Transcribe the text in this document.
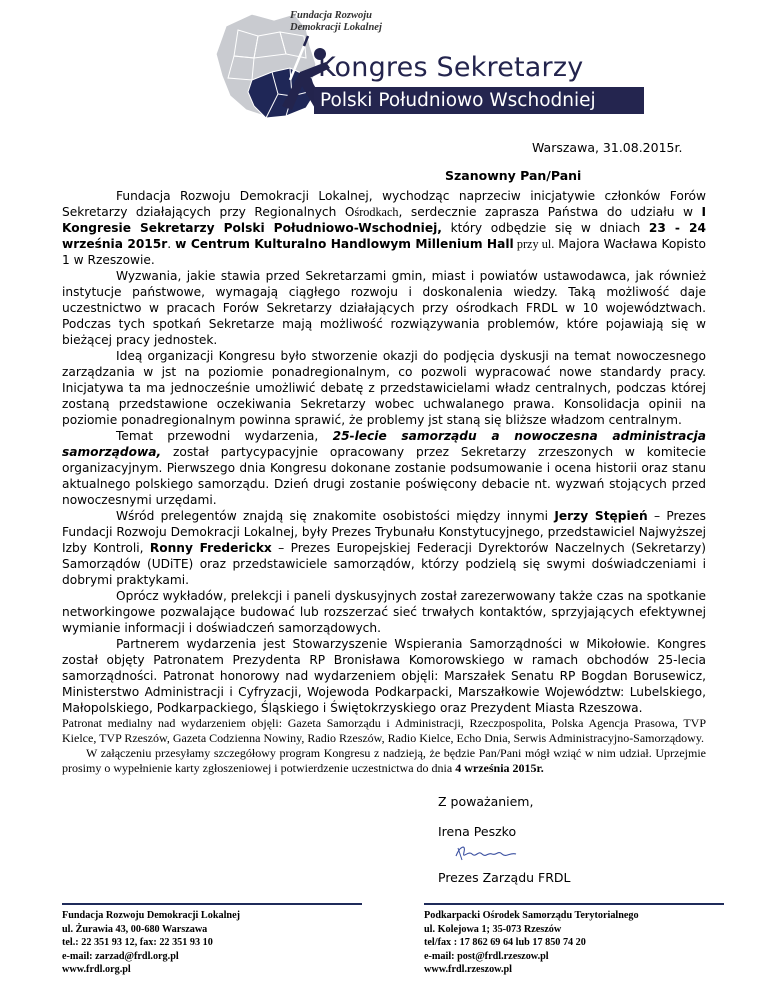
Fundacja Rozwoju
Demokracji Lokalnej
Kongres Sekretarzy
Polski Południowo Wschodniej
Warszawa, 31.08.2015r.
Szanowny Pan/Pani

Fundacja Rozwoju Demokracji Lokalnej, wychodząc naprzeciw inicjatywie członków Forów Sekretarzy działających przy Regionalnych Ośrodkach, serdecznie zaprasza Państwa do udziału w I Kongresie Sekretarzy Polski Południowo-Wschodniej, który odbędzie się w dniach 23 - 24 września 2015r. w Centrum Kulturalno Handlowym Millenium Hall przy ul. Majora Wacława Kopisto 1 w Rzeszowie.

Wyzwania, jakie stawia przed Sekretarzami gmin, miast i powiatów ustawodawca, jak również instytucje państwowe, wymagają ciągłego rozwoju i doskonalenia wiedzy. Taką możliwość daje uczestnictwo w pracach Forów Sekretarzy działających przy ośrodkach FRDL w 10 województwach. Podczas tych spotkań Sekretarze mają możliwość rozwiązywania problemów, które pojawiają się w bieżącej pracy jednostek.

Ideą organizacji Kongresu było stworzenie okazji do podjęcia dyskusji na temat nowoczesnego zarządzania w jst na poziomie ponadregionalnym, co pozwoli wypracować nowe standardy pracy. Inicjatywa ta ma jednocześnie umożliwić debatę z przedstawicielami władz centralnych, podczas której zostaną przedstawione oczekiwania Sekretarzy wobec uchwalanego prawa. Konsolidacja opinii na poziomie ponadregionalnym powinna sprawić, że problemy jst staną się bliższe władzom centralnym.

Temat przewodni wydarzenia, 25-lecie samorządu a nowoczesna administracja samorządowa, został partycypacyjnie opracowany przez Sekretarzy zrzeszonych w komitecie organizacyjnym. Pierwszego dnia Kongresu dokonane zostanie podsumowanie i ocena historii oraz stanu aktualnego polskiego samorządu. Dzień drugi zostanie poświęcony debacie nt. wyzwań stojących przed nowoczesnymi urzędami.

Wśród prelegentów znajdą się znakomite osobistości między innymi Jerzy Stępień – Prezes Fundacji Rozwoju Demokracji Lokalnej, były Prezes Trybunału Konstytucyjnego, przedstawiciel Najwyższej Izby Kontroli, Ronny Frederickx – Prezes Europejskiej Federacji Dyrektorów Naczelnych (Sekretarzy) Samorządów (UDiTE) oraz przedstawiciele samorządów, którzy podzielą się swymi doświadczeniami i dobrymi praktykami.

Oprócz wykładów, prelekcji i paneli dyskusyjnych został zarezerwowany także czas na spotkanie networkingowe pozwalające budować lub rozszerzać sieć trwałych kontaktów, sprzyjających efektywnej wymianie informacji i doświadczeń samorządowych.

Partnerem wydarzenia jest Stowarzyszenie Wspierania Samorządności w Mikołowie. Kongres został objęty Patronatem Prezydenta RP Bronisława Komorowskiego w ramach obchodów 25-lecia samorządności. Patronat honorowy nad wydarzeniem objęli: Marszałek Senatu RP Bogdan Borusewicz, Ministerstwo Administracji i Cyfryzacji, Wojewoda Podkarpacki, Marszałkowie Województw: Lubelskiego, Małopolskiego, Podkarpackiego, Śląskiego i Świętokrzyskiego oraz Prezydent Miasta Rzeszowa.

Patronat medialny nad wydarzeniem objęli: Gazeta Samorządu i Administracji, Rzeczpospolita, Polska Agencja Prasowa, TVP Kielce, TVP Rzeszów, Gazeta Codzienna Nowiny, Radio Rzeszów, Radio Kielce, Echo Dnia, Serwis Administracyjno-Samorządowy.

W załączeniu przesyłamy szczegółowy program Kongresu z nadzieją, że będzie Pan/Pani mógł wziąć w nim udział. Uprzejmie prosimy o wypełnienie karty zgłoszeniowej i potwierdzenie uczestnictwa do dnia 4 września 2015r.

Z poważaniem,
Irena Peszko
Prezes Zarządu FRDL
Fundacja Rozwoju Demokracji Lokalnej
ul. Żurawia 43, 00-680 Warszawa
tel.: 22 351 93 12, fax: 22 351 93 10
e-mail: zarzad@frdl.org.pl
www.frdl.org.pl
Podkarpacki Ośrodek Samorządu Terytorialnego
ul. Kolejowa 1; 35-073 Rzeszów
tel/fax : 17 862 69 64 lub 17 850 74 20
e-mail: post@frdl.rzeszow.pl
www.frdl.rzeszow.pl
